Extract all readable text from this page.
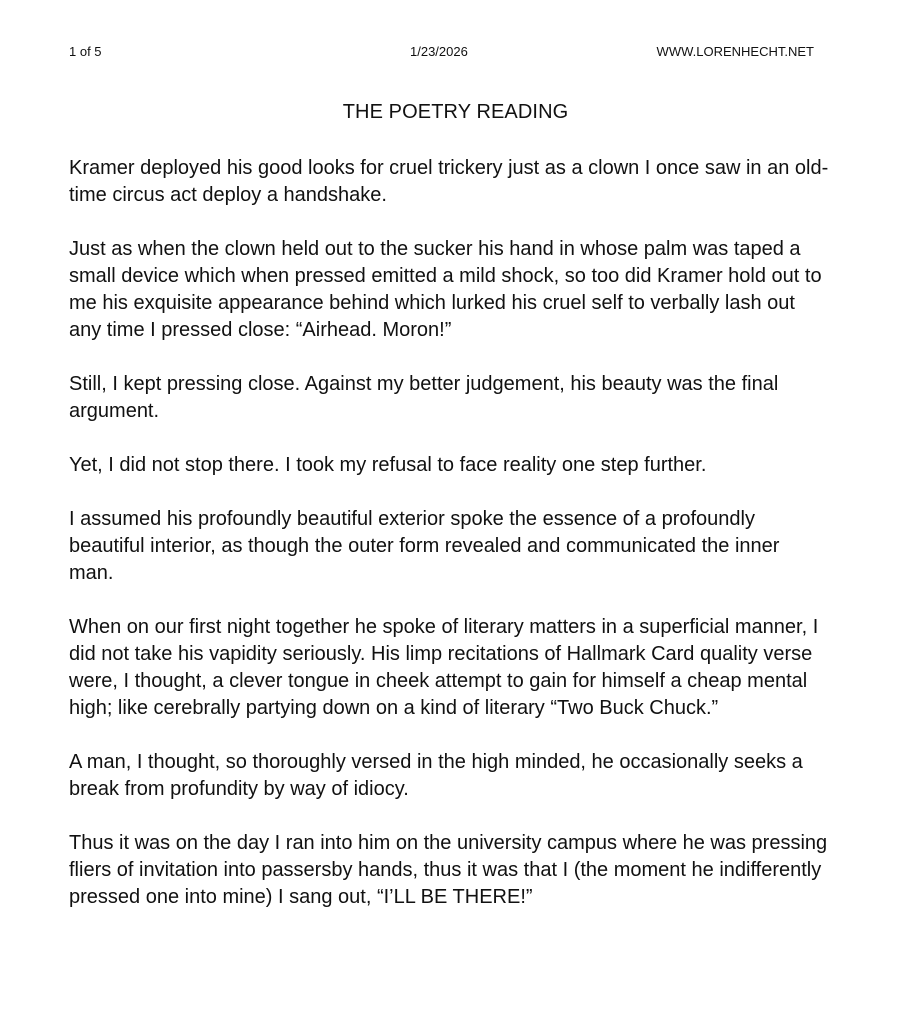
1 of 5	1/23/2026	WWW.LORENHECHT.NET
THE POETRY READING

Kramer deployed his good looks for cruel trickery just as a clown I once saw in an old-time circus act deploy a handshake.

Just as when the clown held out to the sucker his hand in whose palm was taped a small device which when pressed emitted a mild shock, so too did Kramer hold out to me his exquisite appearance behind which lurked his cruel self to verbally lash out any time I pressed close: “Airhead. Moron!”

Still, I kept pressing close. Against my better judgement, his beauty was the final argument.

Yet, I did not stop there. I took my refusal to face reality one step further.

I assumed his profoundly beautiful exterior spoke the essence of a profoundly beautiful interior, as though the outer form revealed and communicated the inner man.

When on our first night together he spoke of literary matters in a superficial manner, I did not take his vapidity seriously. His limp recitations of Hallmark Card quality verse were, I thought, a clever tongue in cheek attempt to gain for himself a cheap mental high; like cerebrally partying down on a kind of literary “Two Buck Chuck.”

A man, I thought, so thoroughly versed in the high minded, he occasionally seeks a break from profundity by way of idiocy.

Thus it was on the day I ran into him on the university campus where he was pressing fliers of invitation into passersby hands, thus it was that I (the moment he indifferently pressed one into mine) I sang out, “I’LL BE THERE!”
